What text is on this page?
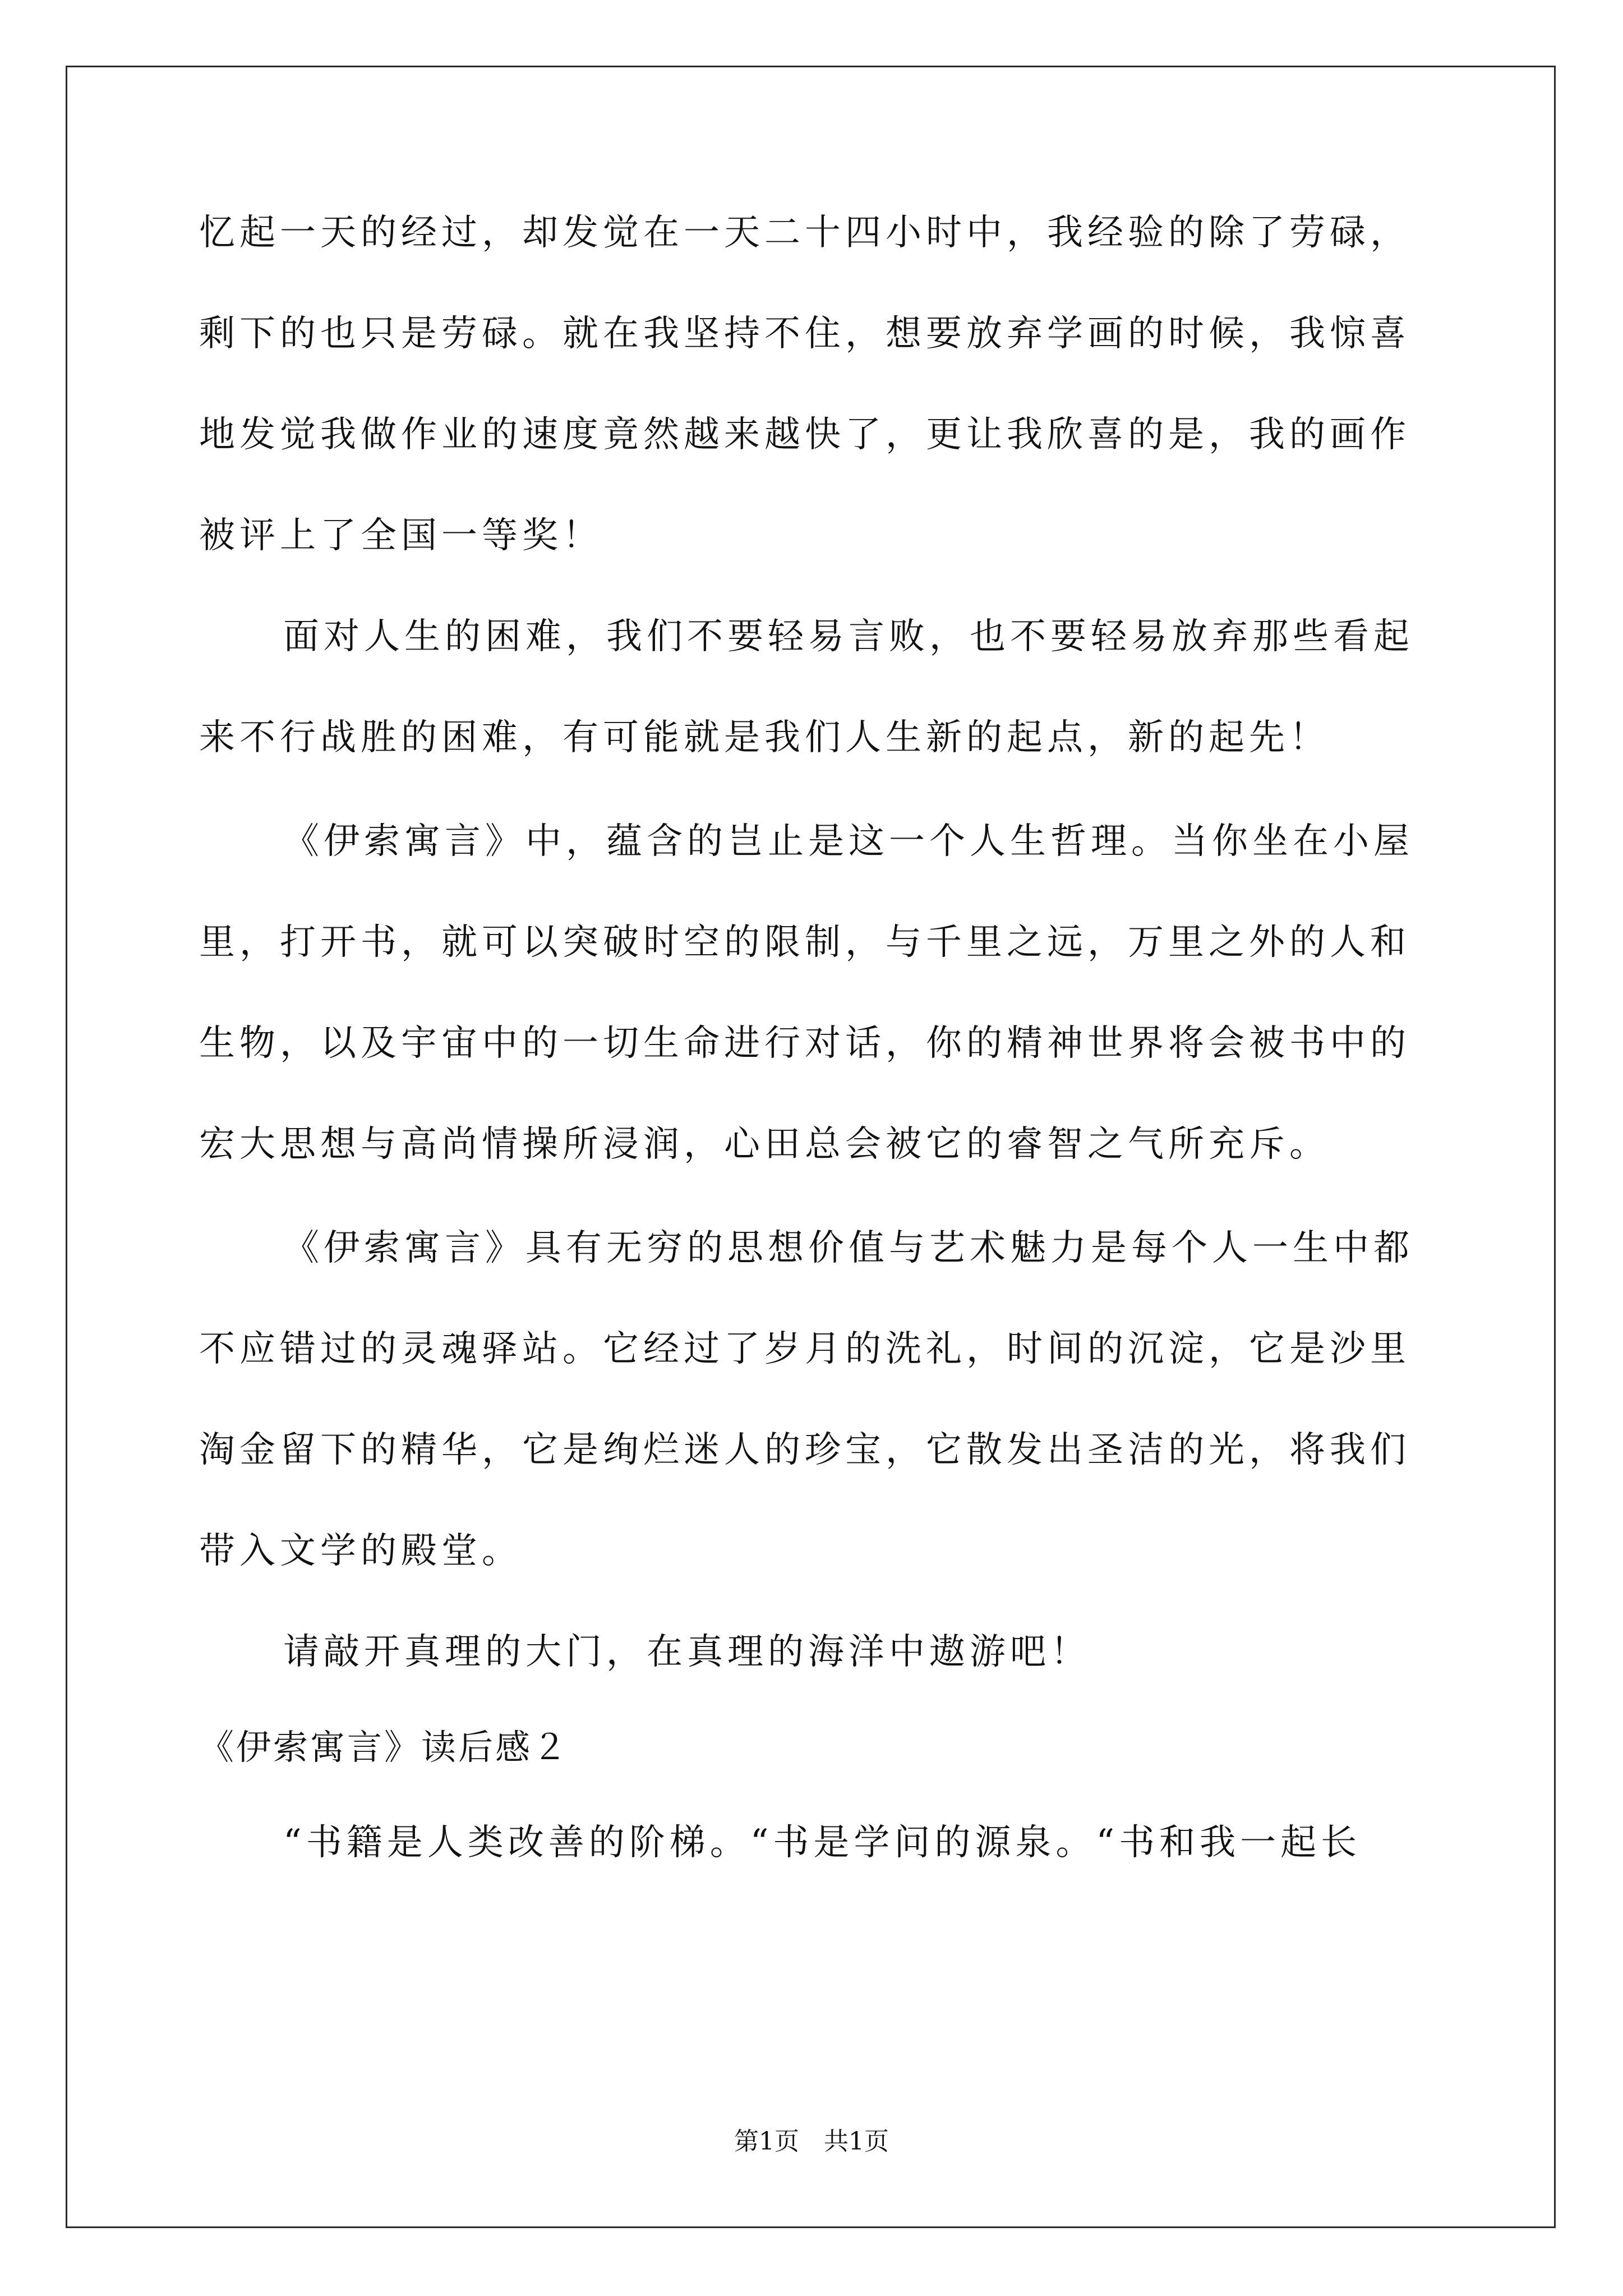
忆起一天的经过，却发觉在一天二十四小时中，我经验的除了劳碌，
剩下的也只是劳碌。就在我坚持不住，想要放弃学画的时候，我惊喜
地发觉我做作业的速度竟然越来越快了，更让我欣喜的是，我的画作
被评上了全国一等奖！
面对人生的困难，我们不要轻易言败，也不要轻易放弃那些看起
来不行战胜的困难，有可能就是我们人生新的起点，新的起先！
《伊索寓言》中，蕴含的岂止是这一个人生哲理。当你坐在小屋
里，打开书，就可以突破时空的限制，与千里之远，万里之外的人和
生物，以及宇宙中的一切生命进行对话，你的精神世界将会被书中的
宏大思想与高尚情操所浸润，心田总会被它的睿智之气所充斥。
《伊索寓言》具有无穷的思想价值与艺术魅力是每个人一生中都
不应错过的灵魂驿站。它经过了岁月的洗礼，时间的沉淀，它是沙里
淘金留下的精华，它是绚烂迷人的珍宝，它散发出圣洁的光，将我们
带入文学的殿堂。
请敲开真理的大门，在真理的海洋中遨游吧！
《伊索寓言》读后感２
“书籍是人类改善的阶梯。“书是学问的源泉。“书和我一起长
第1页　共1页
